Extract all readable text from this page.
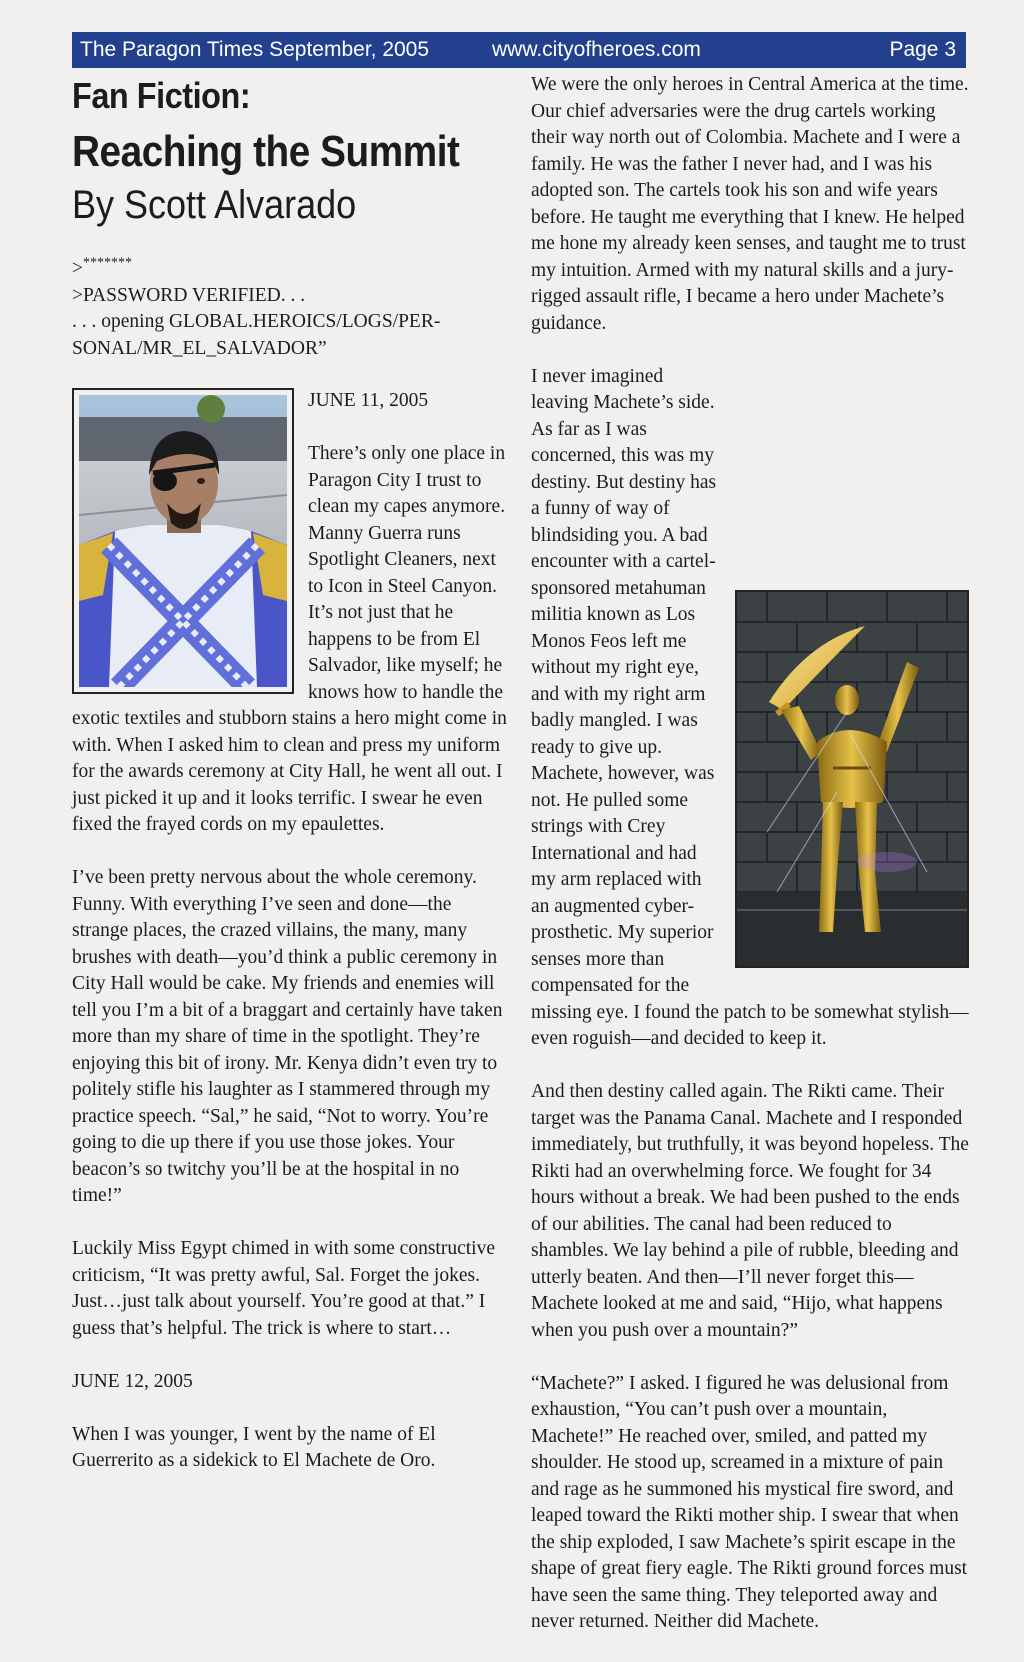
The Paragon Times September, 2005	www.cityofheroes.com	Page 3
Fan Fiction:
Reaching the Summit
By Scott Alvarado
>*******
>PASSWORD VERIFIED. . .
. . . opening GLOBAL.HEROICS/LOGS/PER-
SONAL/MR_EL_SALVADOR”
JUNE 11, 2005

There’s only one place in Paragon City I trust to clean my capes anymore. Manny Guerra runs Spotlight Cleaners, next to Icon in Steel Canyon. It’s not just that he happens to be from El Salvador, like myself; he knows how to handle the exotic textiles and stubborn stains a hero might come in with. When I asked him to clean and press my uniform for the awards ceremony at City Hall, he went all out. I just picked it up and it looks terrific. I swear he even fixed the frayed cords on my epaulettes.

I’ve been pretty nervous about the whole ceremony. Funny. With everything I’ve seen and done—the strange places, the crazed villains, the many, many brushes with death—you’d think a public ceremony in City Hall would be cake. My friends and enemies will tell you I’m a bit of a braggart and certainly have taken more than my share of time in the spotlight. They’re enjoying this bit of irony. Mr. Kenya didn’t even try to politely stifle his laughter as I stammered through my practice speech. “Sal,” he said, “Not to worry. You’re going to die up there if you use those jokes. Your beacon’s so twitchy you’ll be at the hospital in no time!”

Luckily Miss Egypt chimed in with some constructive criticism, “It was pretty awful, Sal. Forget the jokes. Just…just talk about yourself. You’re good at that.” I guess that’s helpful. The trick is where to start…

JUNE 12, 2005

When I was younger, I went by the name of El Guerrerito as a sidekick to El Machete de Oro.

We were the only heroes in Central America at the time. Our chief adversaries were the drug cartels working their way north out of Colombia. Machete and I were a family. He was the father I never had, and I was his adopted son. The cartels took his son and wife years before. He taught me everything that I knew. He helped me hone my already keen senses, and taught me to trust my intuition. Armed with my natural skills and a jury-rigged assault rifle, I became a hero under Machete’s guidance.

I never imagined leaving Machete’s side. As far as I was concerned, this was my destiny. But destiny has a funny of way of blindsiding you. A bad encounter with a cartel-sponsored metahuman militia known as Los Monos Feos left me without my right eye, and with my right arm badly mangled. I was ready to give up. Machete, however, was not. He pulled some strings with Crey International and had my arm replaced with an augmented cyber-prosthetic. My superior senses more than compensated for the missing eye. I found the patch to be somewhat stylish—even roguish—and decided to keep it.

And then destiny called again. The Rikti came. Their target was the Panama Canal. Machete and I responded immediately, but truthfully, it was beyond hopeless. The Rikti had an overwhelming force. We fought for 34 hours without a break. We had been pushed to the ends of our abilities. The canal had been reduced to shambles. We lay behind a pile of rubble, bleeding and utterly beaten. And then—I’ll never forget this—Machete looked at me and said, “Hijo, what happens when you push over a mountain?”

“Machete?” I asked. I figured he was delusional from exhaustion, “You can’t push over a mountain, Machete!” He reached over, smiled, and patted my shoulder. He stood up, screamed in a mixture of pain and rage as he summoned his mystical fire sword, and leaped toward the Rikti mother ship. I swear that when the ship exploded, I saw Machete’s spirit escape in the shape of great fiery eagle. The Rikti ground forces must have seen the same thing. They teleported away and never returned. Neither did Machete.
